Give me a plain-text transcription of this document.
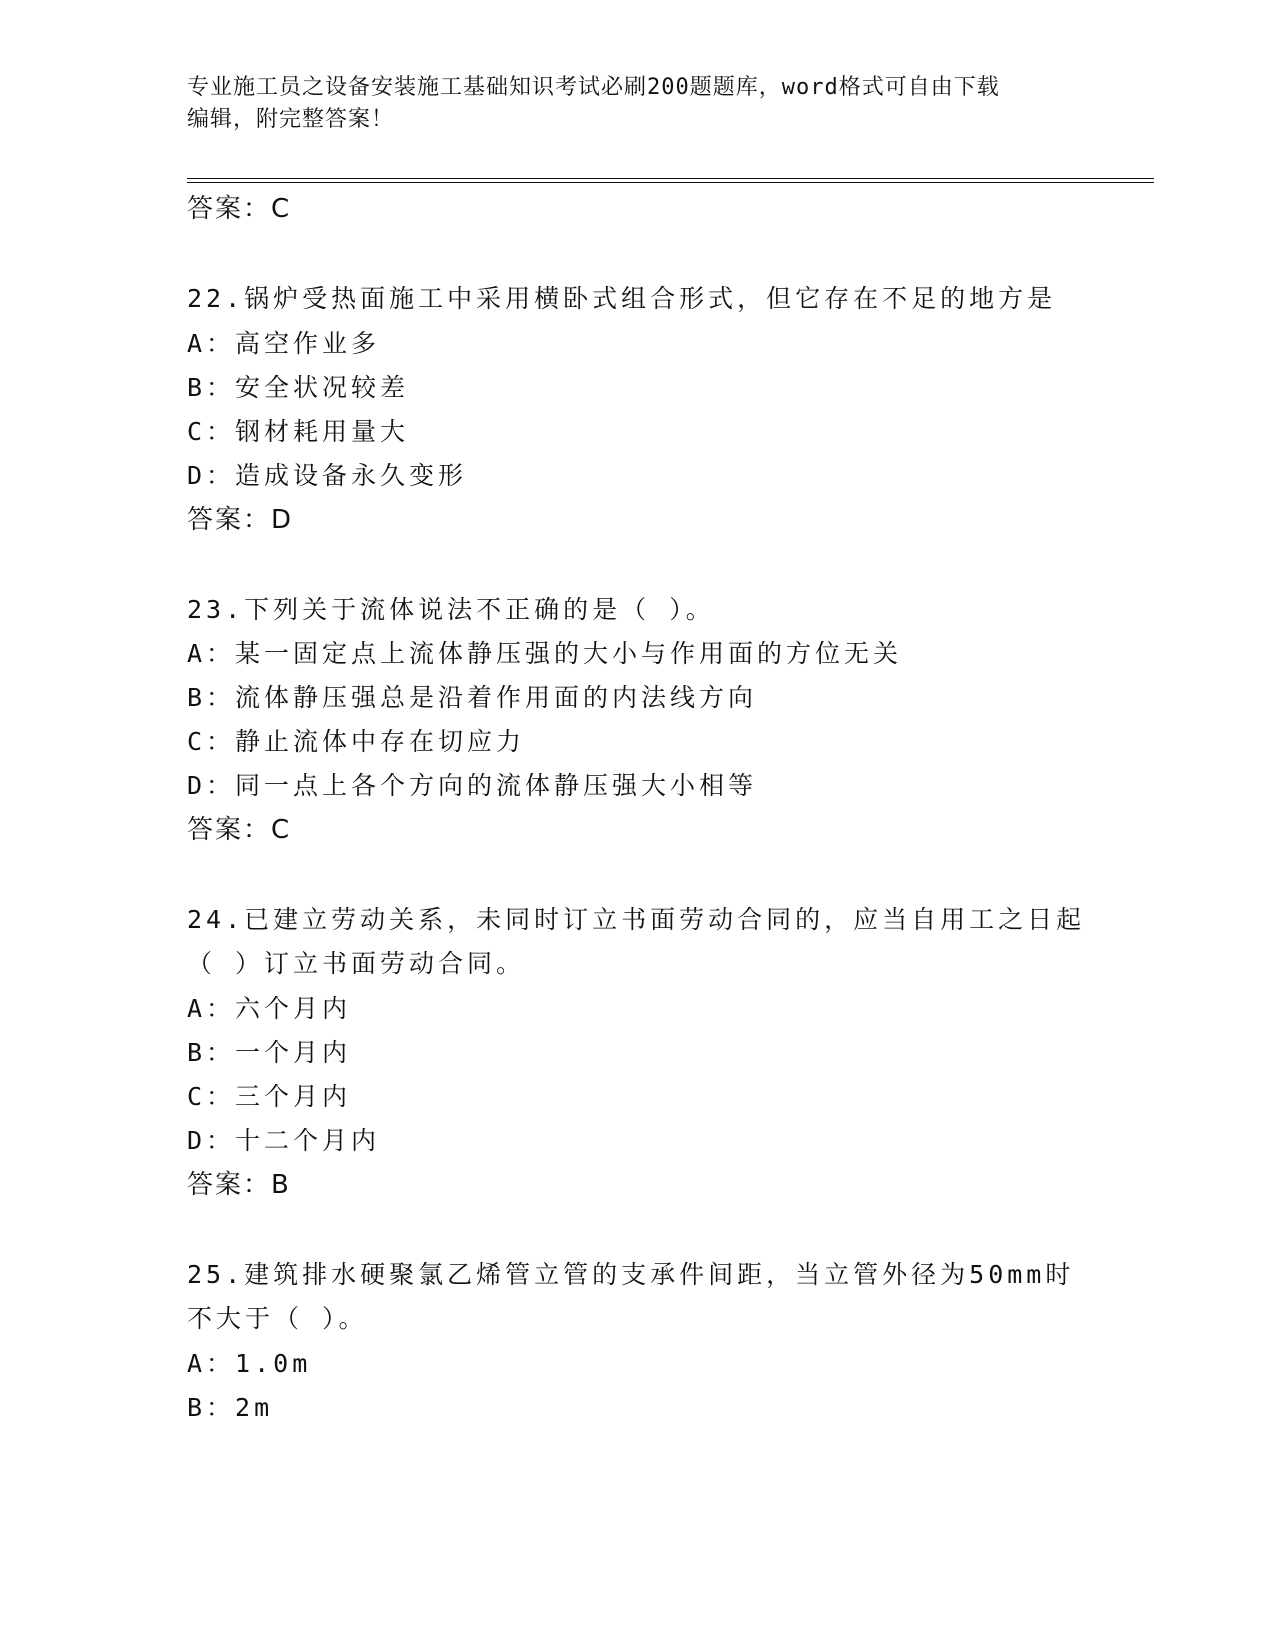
专业施工员之设备安装施工基础知识考试必刷200题题库，word格式可自由下载
编辑，附完整答案！
答案：C
22.锅炉受热面施工中采用横卧式组合形式，但它存在不足的地方是
A：高空作业多
B：安全状况较差
C：钢材耗用量大
D：造成设备永久变形
答案：D
23.下列关于流体说法不正确的是（ ）。
A：某一固定点上流体静压强的大小与作用面的方位无关
B：流体静压强总是沿着作用面的内法线方向
C：静止流体中存在切应力
D：同一点上各个方向的流体静压强大小相等
答案：C
24.已建立劳动关系，未同时订立书面劳动合同的，应当自用工之日起
（ ）订立书面劳动合同。
A：六个月内
B：一个月内
C：三个月内
D：十二个月内
答案：B
25.建筑排水硬聚氯乙烯管立管的支承件间距，当立管外径为50mm时
不大于（ ）。
A：1.0m
B：2m
